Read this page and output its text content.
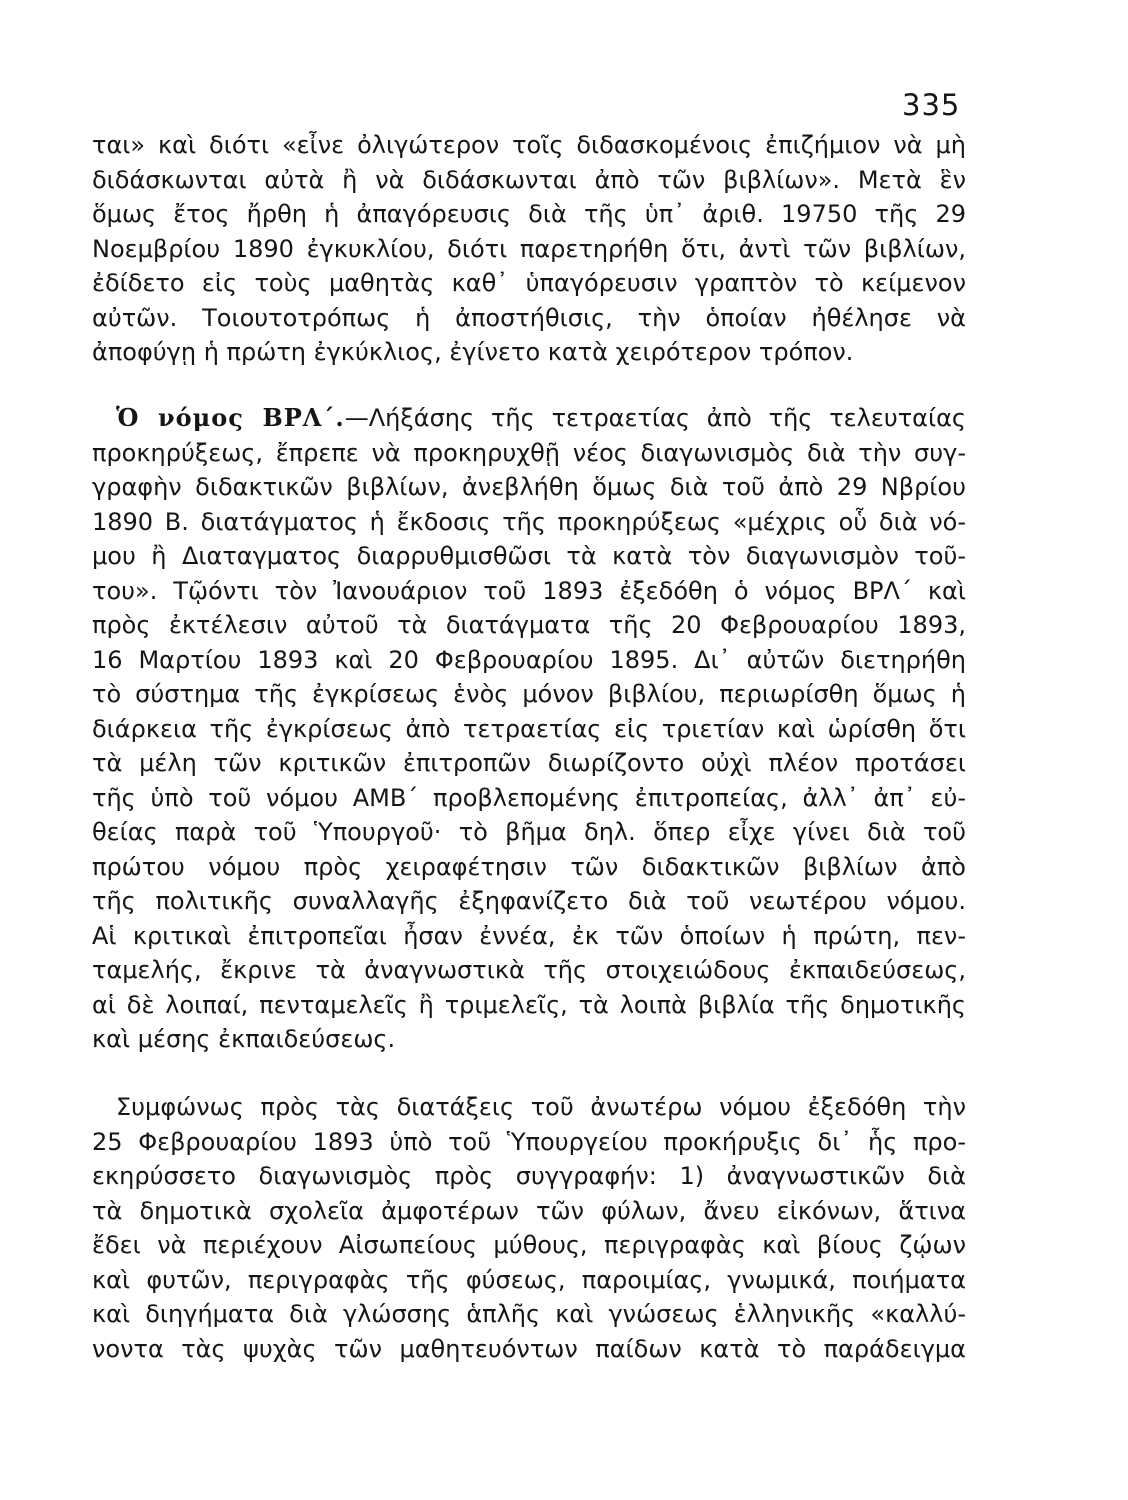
335
ται» καὶ διότι «εἶνε ὀλιγώτερον τοῖς διδασκομένοις ἐπιζήμιον νὰ μὴ
διδάσκωνται αὐτὰ ἢ νὰ διδάσκωνται ἀπὸ τῶν βιβλίων». Μετὰ ἓν
ὅμως ἔτος ἤρθη ἡ ἀπαγόρευσις διὰ τῆς ὑπ᾽ ἀριθ. 19750 τῆς 29
Νοεμβρίου 1890 ἐγκυκλίου, διότι παρετηρήθη ὅτι, ἀντὶ τῶν βιβλίων,
ἐδίδετο εἰς τοὺς μαθητὰς καθ᾽ ὑπαγόρευσιν γραπτὸν τὸ κείμενον
αὐτῶν. Τοιουτοτρόπως ἡ ἀποστήθισις, τὴν ὁποίαν ἠθέλησε νὰ
ἀποφύγῃ ἡ πρώτη ἐγκύκλιος, ἐγίνετο κατὰ χειρότερον τρόπον.
Ὁ νόμος ΒΡΛ΄.—Λήξάσης τῆς τετραετίας ἀπὸ τῆς τελευταίας
προκηρύξεως, ἔπρεπε νὰ προκηρυχθῇ νέος διαγωνισμὸς διὰ τὴν συγ-
γραφὴν διδακτικῶν βιβλίων, ἀνεβλήθη ὅμως διὰ τοῦ ἀπὸ 29 Νβρίου
1890 Β. διατάγματος ἡ ἔκδοσις τῆς προκηρύξεως «μέχρις οὗ διὰ νό-
μου ἢ Διαταγματος διαρρυθμισθῶσι τὰ κατὰ τὸν διαγωνισμὸν τοῦ-
του». Τῷόντι τὸν Ἰανουάριον τοῦ 1893 ἐξεδόθη ὁ νόμος ΒΡΛ΄ καὶ
πρὸς ἐκτέλεσιν αὐτοῦ τὰ διατάγματα τῆς 20 Φεβρουαρίου 1893,
16 Μαρτίου 1893 καὶ 20 Φεβρουαρίου 1895. Δι᾽ αὐτῶν διετηρήθη
τὸ σύστημα τῆς ἐγκρίσεως ἑνὸς μόνον βιβλίου, περιωρίσθη ὅμως ἡ
διάρκεια τῆς ἐγκρίσεως ἀπὸ τετραετίας εἰς τριετίαν καὶ ὡρίσθη ὅτι
τὰ μέλη τῶν κριτικῶν ἐπιτροπῶν διωρίζοντο οὐχὶ πλέον προτάσει
τῆς ὑπὸ τοῦ νόμου ΑΜΒ΄ προβλεπομένης ἐπιτροπείας, ἀλλ᾽ ἀπ᾽ εὐ-
θείας παρὰ τοῦ Ὑπουργοῦ· τὸ βῆμα δηλ. ὅπερ εἶχε γίνει διὰ τοῦ
πρώτου νόμου πρὸς χειραφέτησιν τῶν διδακτικῶν βιβλίων ἀπὸ
τῆς πολιτικῆς συναλλαγῆς ἐξηφανίζετο διὰ τοῦ νεωτέρου νόμου.
Αἱ κριτικαὶ ἐπιτροπεῖαι ἦσαν ἐννέα, ἐκ τῶν ὁποίων ἡ πρώτη, πεν-
ταμελής, ἔκρινε τὰ ἀναγνωστικὰ τῆς στοιχειώδους ἐκπαιδεύσεως,
αἱ δὲ λοιπαί, πενταμελεῖς ἢ τριμελεῖς, τὰ λοιπὰ βιβλία τῆς δημοτικῆς
καὶ μέσης ἐκπαιδεύσεως.
Συμφώνως πρὸς τὰς διατάξεις τοῦ ἀνωτέρω νόμου ἐξεδόθη τὴν
25 Φεβρουαρίου 1893 ὑπὸ τοῦ Ὑπουργείου προκήρυξις δι᾽ ἧς προ-
εκηρύσσετο διαγωνισμὸς πρὸς συγγραφήν: 1) ἀναγνωστικῶν διὰ
τὰ δημοτικὰ σχολεῖα ἀμφοτέρων τῶν φύλων, ἄνευ εἰκόνων, ἅτινα
ἔδει νὰ περιέχουν Αἰσωπείους μύθους, περιγραφὰς καὶ βίους ζῴων
καὶ φυτῶν, περιγραφὰς τῆς φύσεως, παροιμίας, γνωμικά, ποιήματα
καὶ διηγήματα διὰ γλώσσης ἁπλῆς καὶ γνώσεως ἑλληνικῆς «καλλύ-
νοντα τὰς ψυχὰς τῶν μαθητευόντων παίδων κατὰ τὸ παράδειγμα
